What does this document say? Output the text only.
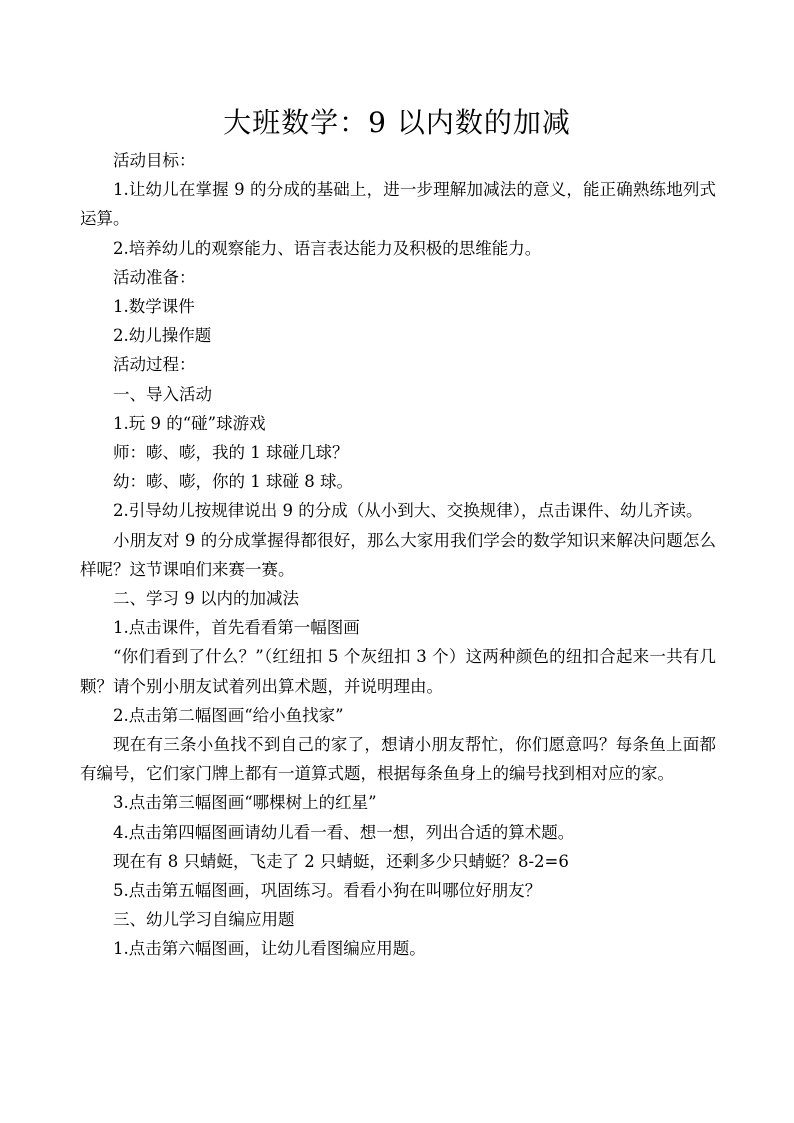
大班数学：9 以内数的加减

活动目标：

1.让幼儿在掌握 9 的分成的基础上，进一步理解加减法的意义，能正确熟练地列式运算。

2.培养幼儿的观察能力、语言表达能力及积极的思维能力。

活动准备：

1.数学课件

2.幼儿操作题

活动过程：

一、导入活动

1.玩 9 的“碰”球游戏

师：嘭、嘭，我的 1 球碰几球？

幼：嘭、嘭，你的 1 球碰 8 球。

2.引导幼儿按规律说出 9 的分成（从小到大、交换规律），点击课件、幼儿齐读。

小朋友对 9 的分成掌握得都很好，那么大家用我们学会的数学知识来解决问题怎么样呢？这节课咱们来赛一赛。

二、学习 9 以内的加减法

1.点击课件，首先看看第一幅图画

“你们看到了什么？”（红纽扣 5 个灰纽扣 3 个）这两种颜色的纽扣合起来一共有几颗？请个别小朋友试着列出算术题，并说明理由。

2.点击第二幅图画“给小鱼找家”

现在有三条小鱼找不到自己的家了，想请小朋友帮忙，你们愿意吗？每条鱼上面都有编号，它们家门牌上都有一道算式题，根据每条鱼身上的编号找到相对应的家。

3.点击第三幅图画“哪棵树上的红星”

4.点击第四幅图画请幼儿看一看、想一想，列出合适的算术题。

现在有 8 只蜻蜓，飞走了 2 只蜻蜓，还剩多少只蜻蜓？8-2=6

5.点击第五幅图画，巩固练习。看看小狗在叫哪位好朋友？

三、幼儿学习自编应用题

1.点击第六幅图画，让幼儿看图编应用题。
